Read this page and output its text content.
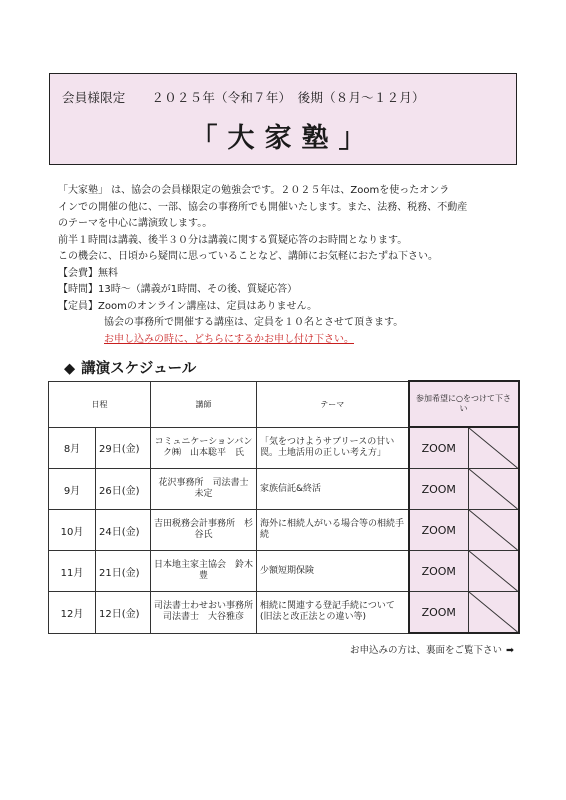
会員様限定 ２０２５年（令和７年）　後期（８月～１２月）
「大家塾」

「大家塾」 は、協会の会員様限定の勉強会です。２０２５年は、Zoomを使ったオンラ

インでの開催の他に、一部、協会の事務所でも開催いたします。また、法務、税務、不動産

のテーマを中心に講演致します。。

前半１時間は講義、後半３０分は講義に関する質疑応答のお時間となります。

この機会に、日頃から疑問に思っていることなど、講師にお気軽におたずね下さい。

【会費】無料

【時間】13時～（講義が1時間、その後、質疑応答）

【定員】Zoomのオンライン講座は、定員はありません。

協会の事務所で開催する講座は、定員を１０名とさせて頂きます。

お申し込みの時に、どちらにするかお申し付け下さい。

◆ 講演スケジュール
日程		講師	テーマ	参加希望に○をつけて下さい	
8月	29日(金)	コミュニケーションバンク㈱　山本聡平　氏	「気をつけようサブリースの甘い罠。土地活用の正しい考え方」	ZOOM	

9月	26日(金)	花沢事務所　司法書士　未定	家族信託&終活	ZOOM	

10月	24日(金)	吉田税務会計事務所　杉谷氏	海外に相続人がいる場合等の相続手続	ZOOM	

11月	21日(金)	日本地主家主協会　鈴木　豊	少額短期保険	ZOOM	

12月	12日(金)	司法書士わせおい事務所　司法書士　大谷雅彦	相続に関連する登記手続について(旧法と改正法との違い等)	ZOOM	
お申込みの方は、裏面をご覧下さい ➡
